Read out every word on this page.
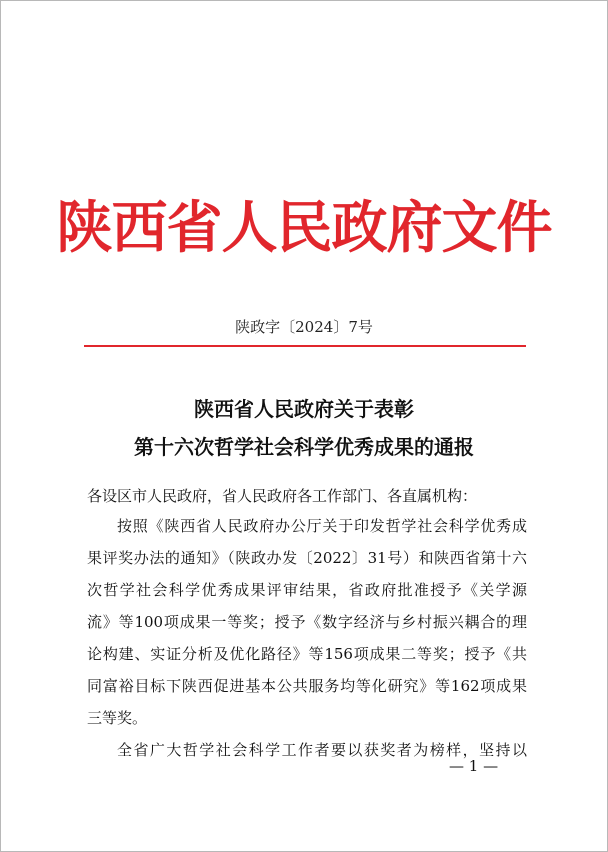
陕西省人民政府文件
陕政字〔2024〕7号
陕西省人民政府关于表彰
第十六次哲学社会科学优秀成果的通报
各设区市人民政府，省人民政府各工作部门、各直属机构：
按照《陕西省人民政府办公厅关于印发哲学社会科学优秀成
果评奖办法的通知》（陕政办发〔2022〕31号）和陕西省第十六
次哲学社会科学优秀成果评审结果，省政府批准授予《关学源
流》等100项成果一等奖；授予《数字经济与乡村振兴耦合的理
论构建、实证分析及优化路径》等156项成果二等奖；授予《共
同富裕目标下陕西促进基本公共服务均等化研究》等162项成果
三等奖。
全省广大哲学社会科学工作者要以获奖者为榜样，坚持以
— 1 —
